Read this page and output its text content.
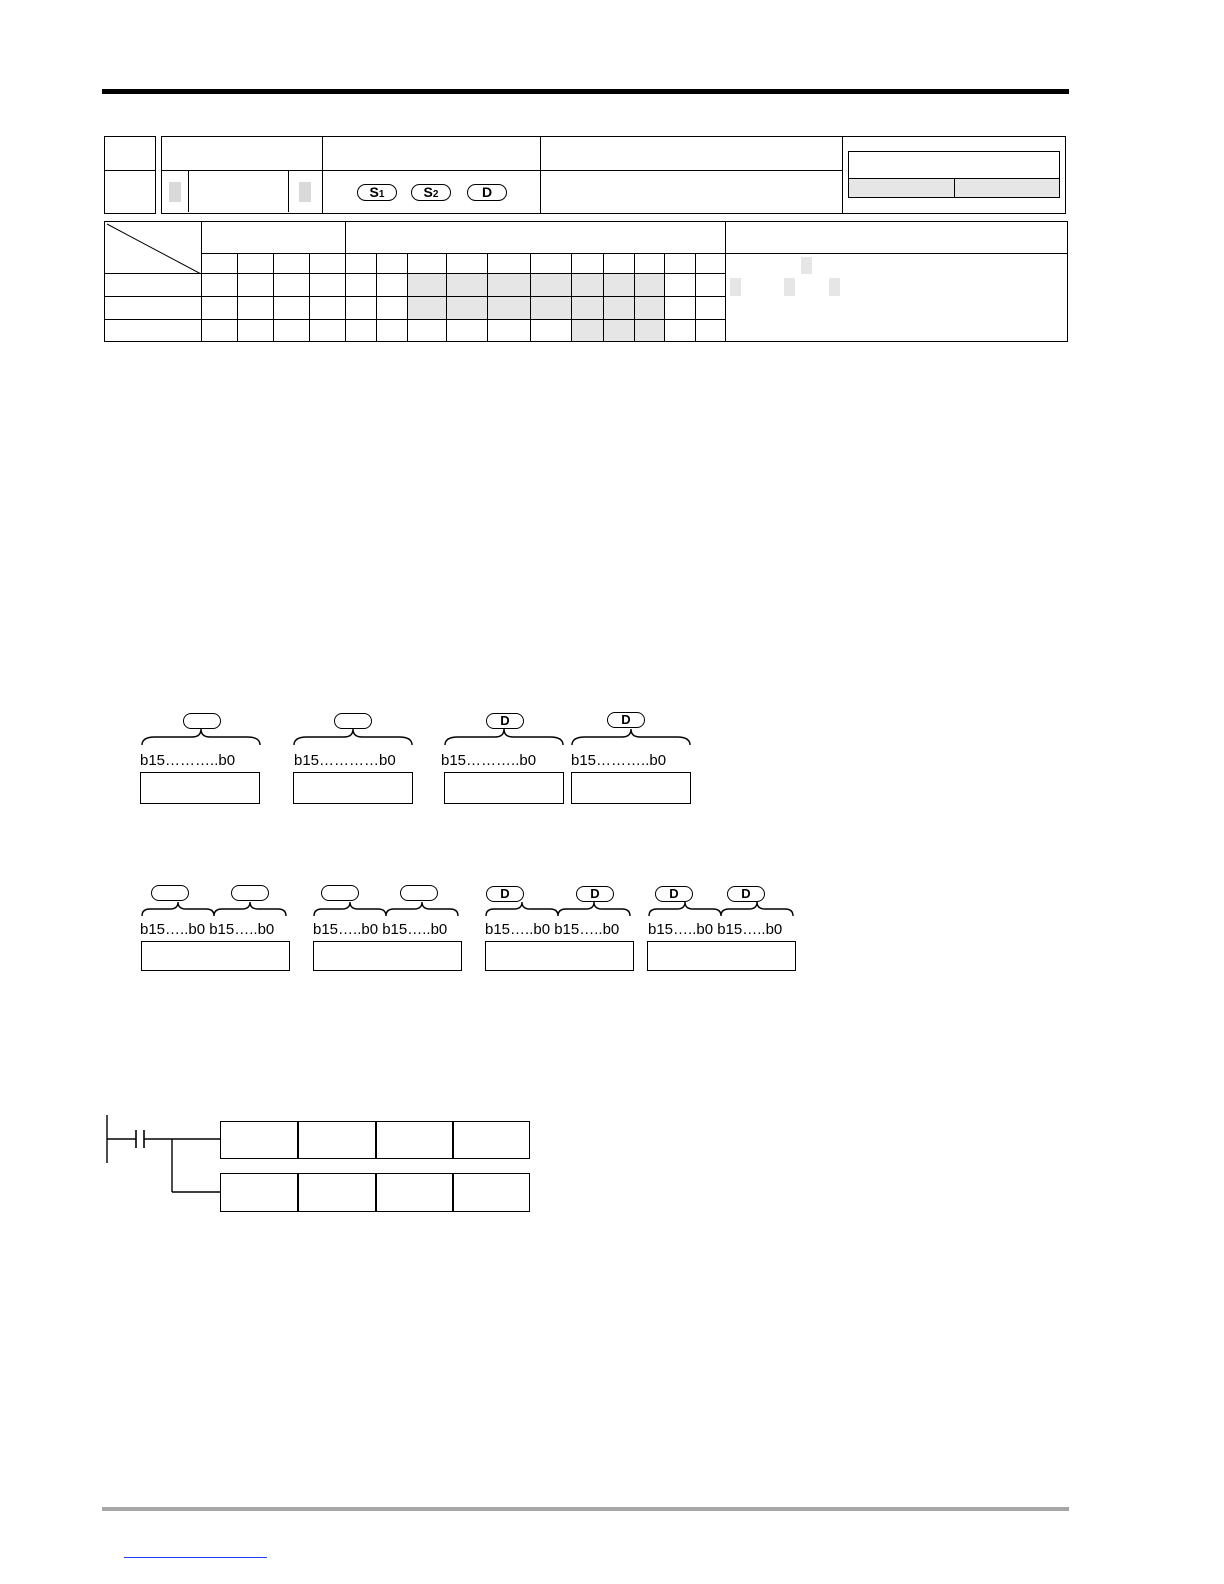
S1	S2	D

b15………..b0	b15…………b0
D
b15………..b0
D
b15………..b0
b15…..b0 b15…..b0	b15…..b0 b15…..b0
D	D
b15…..b0 b15…..b0
D	D
b15…..b0 b15…..b0
